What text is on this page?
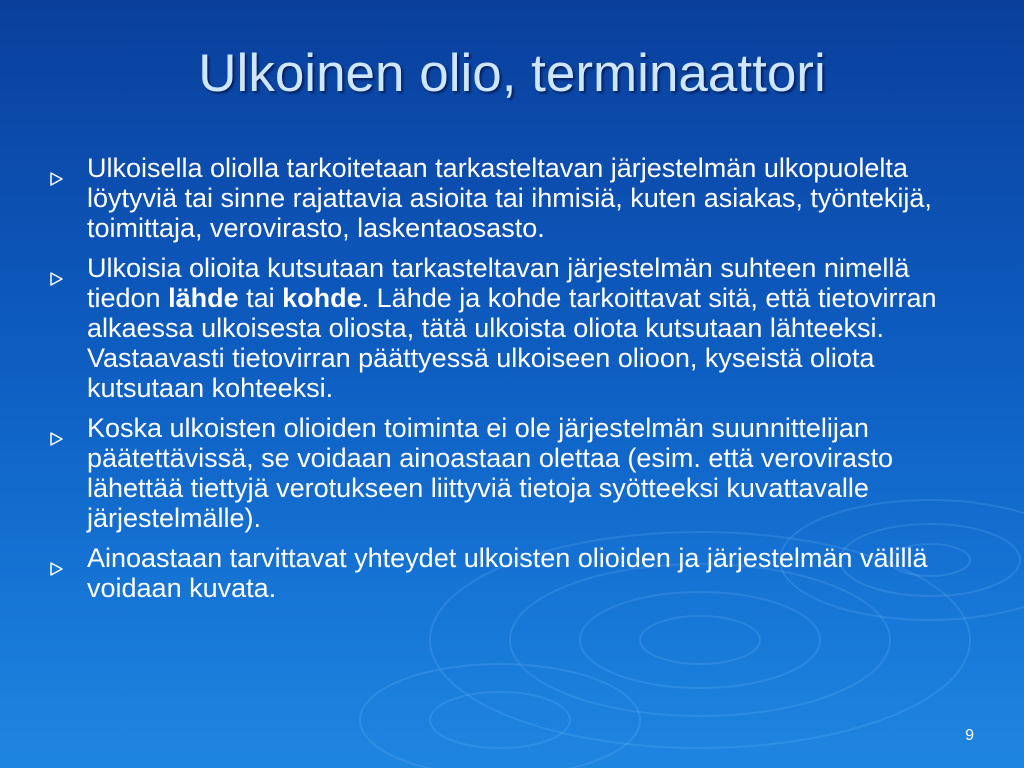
Ulkoinen olio, terminaattori
Ulkoisella oliolla tarkoitetaan tarkasteltavan järjestelmän ulkopuolelta löytyviä tai sinne rajattavia asioita tai ihmisiä, kuten asiakas, työntekijä, toimittaja, verovirasto, laskentaosasto.
Ulkoisia olioita kutsutaan tarkasteltavan järjestelmän suhteen nimellä tiedon lähde tai kohde. Lähde ja kohde tarkoittavat sitä, että tietovirran alkaessa ulkoisesta oliosta, tätä ulkoista oliota kutsutaan lähteeksi. Vastaavasti tietovirran päättyessä ulkoiseen olioon, kyseistä oliota kutsutaan kohteeksi.
Koska ulkoisten olioiden toiminta ei ole järjestelmän suunnittelijan päätettävissä, se voidaan ainoastaan olettaa (esim. että verovirasto lähettää tiettyjä verotukseen liittyviä tietoja syötteeksi kuvattavalle järjestelmälle).
Ainoastaan tarvittavat yhteydet ulkoisten olioiden ja järjestelmän välillä voidaan kuvata.
9
